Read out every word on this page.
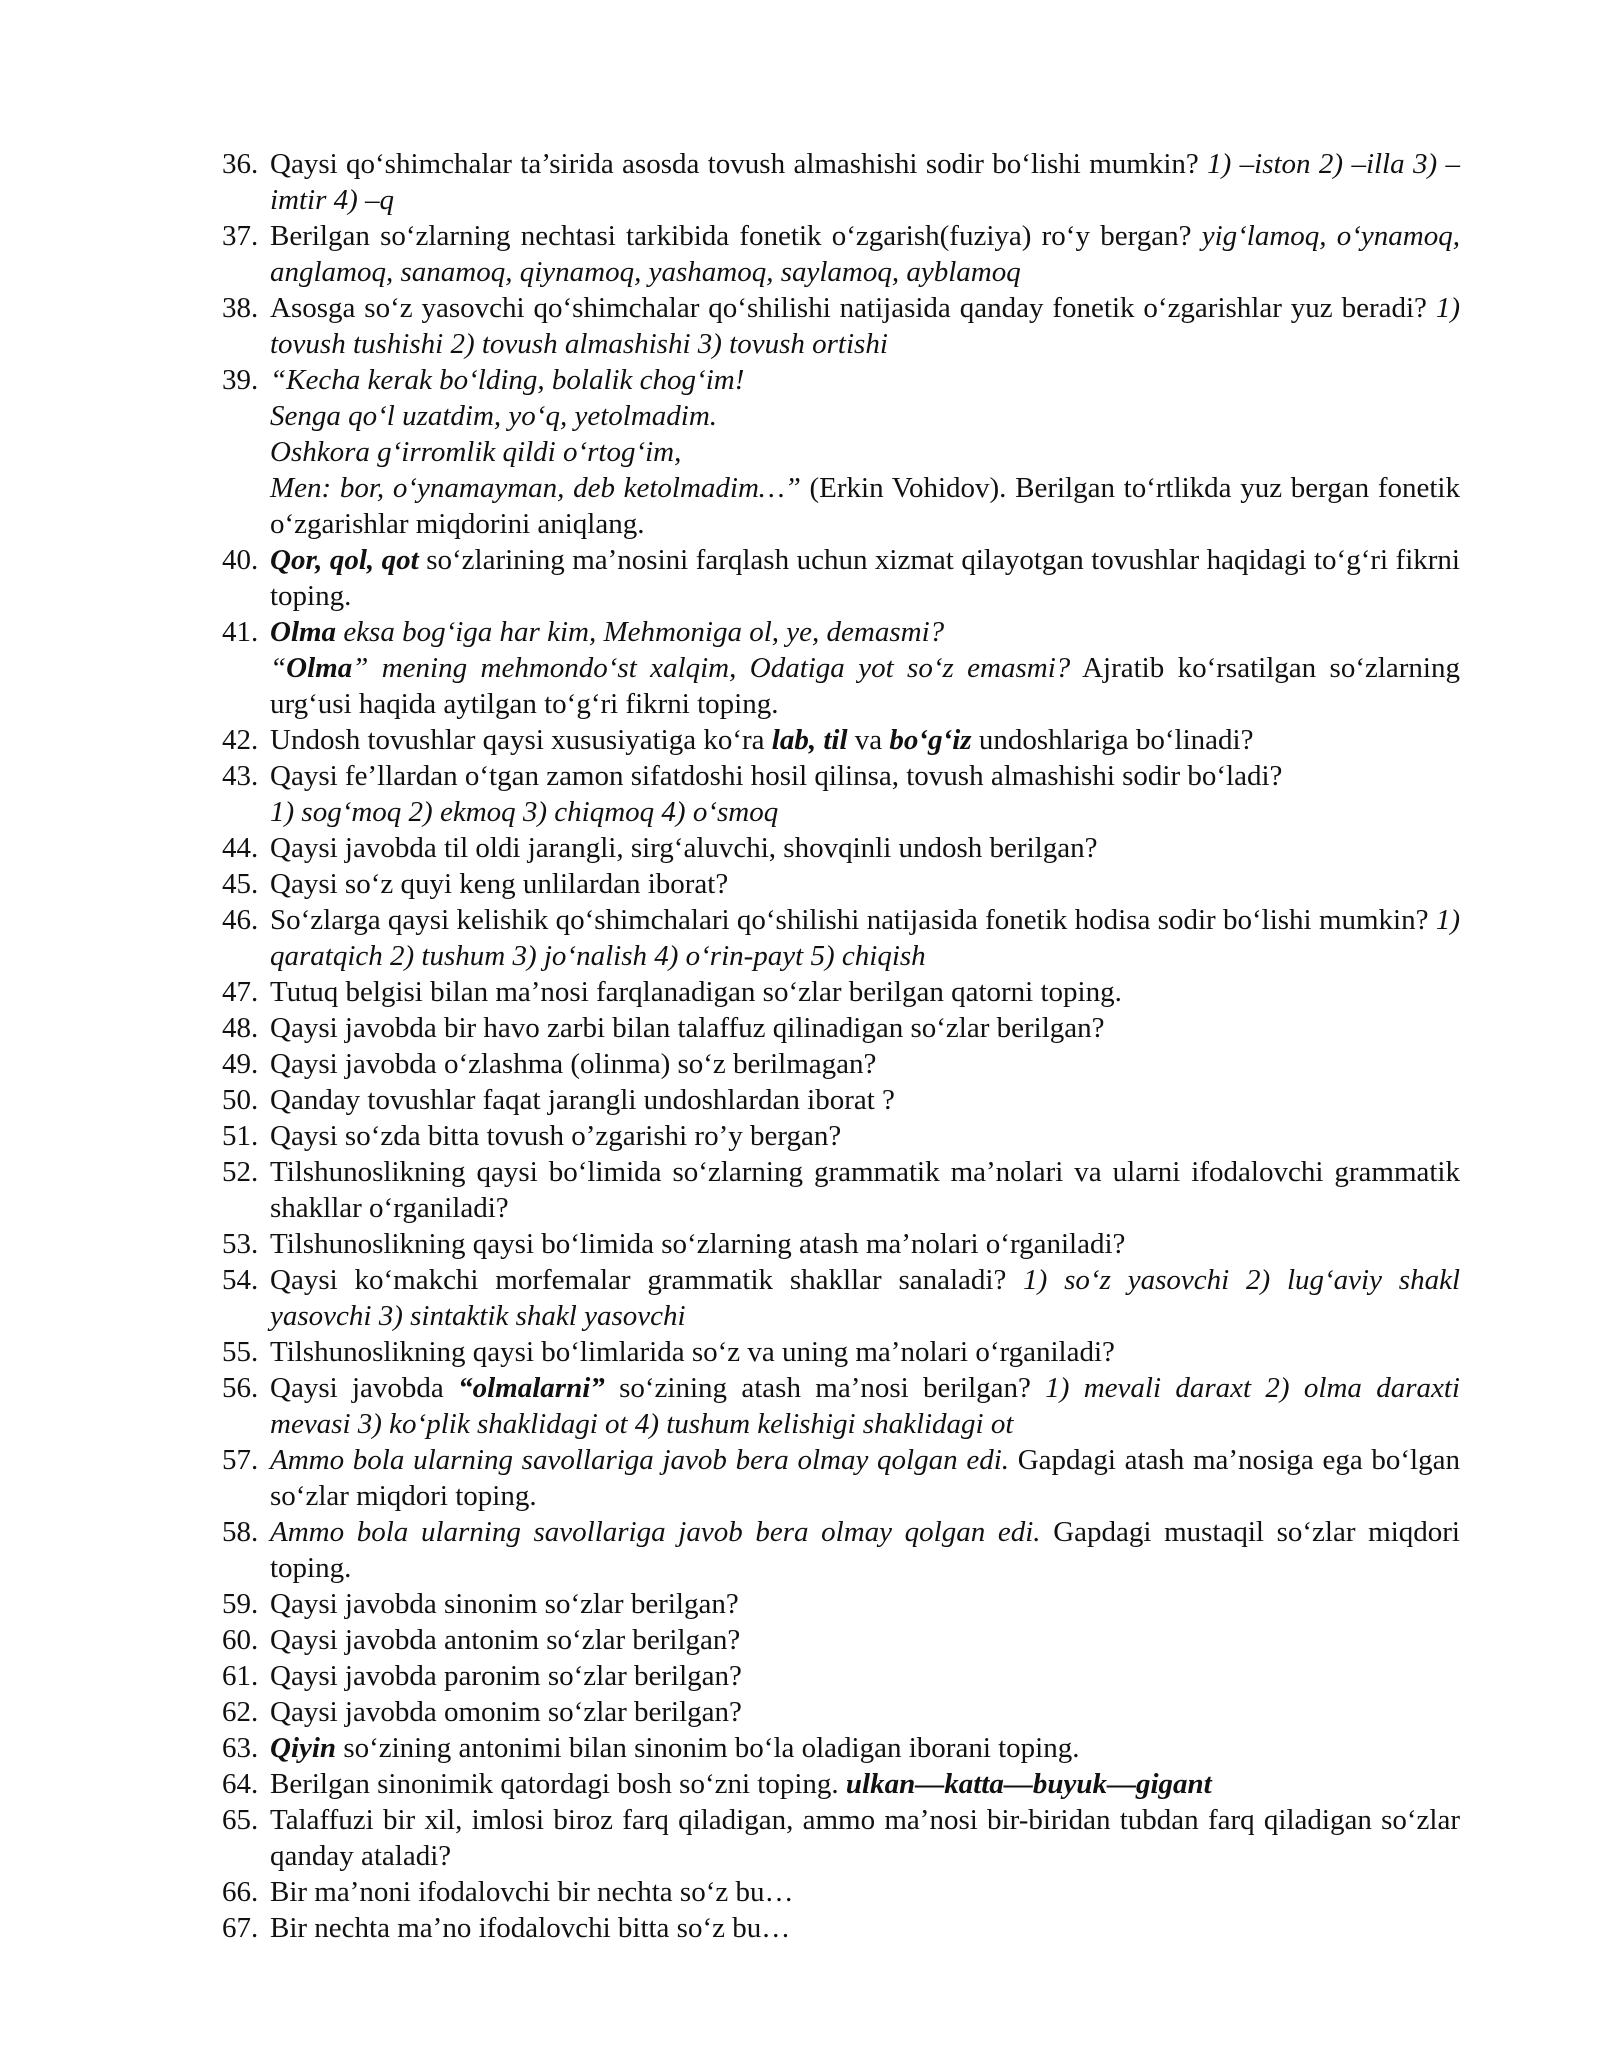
36. Qaysi qo‘shimchalar ta’sirida asosda tovush almashishi sodir bo‘lishi mumkin? 1) –iston 2) –illa 3) –imtir 4) –q
37. Berilgan so‘zlarning nechtasi tarkibida fonetik o‘zgarish(fuziya) ro‘y bergan? yig‘lamoq, o‘ynamoq, anglamoq, sanamoq, qiynamoq, yashamoq, saylamoq, ayblamoq
38. Asosga so‘z yasovchi qo‘shimchalar qo‘shilishi natijasida qanday fonetik o‘zgarishlar yuz beradi? 1) tovush tushishi 2) tovush almashishi 3) tovush ortishi
39. “Kecha kerak bo‘lding, bolalik chog‘im!
Senga qo‘l uzatdim, yo‘q, yetolmadim.
Oshkora g‘irromlik qildi o‘rtog‘im,
Men: bor, o‘ynamayman, deb ketolmadim…” (Erkin Vohidov). Berilgan to‘rtlikda yuz bergan fonetik o‘zgarishlar miqdorini aniqlang.
40. Qor, qol, qot so‘zlarining ma’nosini farqlash uchun xizmat qilayotgan tovushlar haqidagi to‘g‘ri fikrni toping.
41. Olma eksa bog‘iga har kim, Mehmoniga ol, ye, demasmi?
“Olma” mening mehmondo‘st xalqim, Odatiga yot so‘z emasmi? Ajratib ko‘rsatilgan so‘zlarning urg‘usi haqida aytilgan to‘g‘ri fikrni toping.
42. Undosh tovushlar qaysi xususiyatiga ko‘ra lab, til va bo‘g‘iz undoshlariga bo‘linadi?
43. Qaysi fe’llardan o‘tgan zamon sifatdoshi hosil qilinsa, tovush almashishi sodir bo‘ladi?
1) sog‘moq 2) ekmoq 3) chiqmoq 4) o‘smoq
44. Qaysi javobda til oldi jarangli, sirg‘aluvchi, shovqinli undosh berilgan?
45. Qaysi so‘z quyi keng unlilardan iborat?
46. So‘zlarga qaysi kelishik qo‘shimchalari qo‘shilishi natijasida fonetik hodisa sodir bo‘lishi mumkin? 1) qaratqich 2) tushum 3) jo‘nalish 4) o‘rin-payt 5) chiqish
47. Tutuq belgisi bilan ma’nosi farqlanadigan so‘zlar berilgan qatorni toping.
48. Qaysi javobda bir havo zarbi bilan talaffuz qilinadigan so‘zlar berilgan?
49. Qaysi javobda o‘zlashma (olinma) so‘z berilmagan?
50. Qanday tovushlar faqat jarangli undoshlardan iborat ?
51. Qaysi so‘zda bitta tovush o’zgarishi ro’y bergan?
52. Tilshunoslikning qaysi bo‘limida so‘zlarning grammatik ma’nolari va ularni ifodalovchi grammatik shakllar o‘rganiladi?
53. Tilshunoslikning qaysi bo‘limida so‘zlarning atash ma’nolari o‘rganiladi?
54. Qaysi ko‘makchi morfemalar grammatik shakllar sanaladi? 1) so‘z yasovchi 2) lug‘aviy shakl yasovchi 3) sintaktik shakl yasovchi
55. Tilshunoslikning qaysi bo‘limlarida so‘z va uning ma’nolari o‘rganiladi?
56. Qaysi javobda “olmalarni” so‘zining atash ma’nosi berilgan? 1) mevali daraxt 2) olma daraxti mevasi 3) ko‘plik shaklidagi ot 4) tushum kelishigi shaklidagi ot
57. Ammo bola ularning savollariga javob bera olmay qolgan edi. Gapdagi atash ma’nosiga ega bo‘lgan so‘zlar miqdori toping.
58. Ammo bola ularning savollariga javob bera olmay qolgan edi. Gapdagi mustaqil so‘zlar miqdori toping.
59. Qaysi javobda sinonim so‘zlar berilgan?
60. Qaysi javobda antonim so‘zlar berilgan?
61. Qaysi javobda paronim so‘zlar berilgan?
62. Qaysi javobda omonim so‘zlar berilgan?
63. Qiyin so‘zining antonimi bilan sinonim bo‘la oladigan iborani toping.
64. Berilgan sinonimik qatordagi bosh so‘zni toping. ulkan—katta—buyuk—gigant
65. Talaffuzi bir xil, imlosi biroz farq qiladigan, ammo ma’nosi bir-biridan tubdan farq qiladigan so‘zlar qanday ataladi?
66. Bir ma’noni ifodalovchi bir nechta so‘z bu…
67. Bir nechta ma’no ifodalovchi bitta so‘z bu…
